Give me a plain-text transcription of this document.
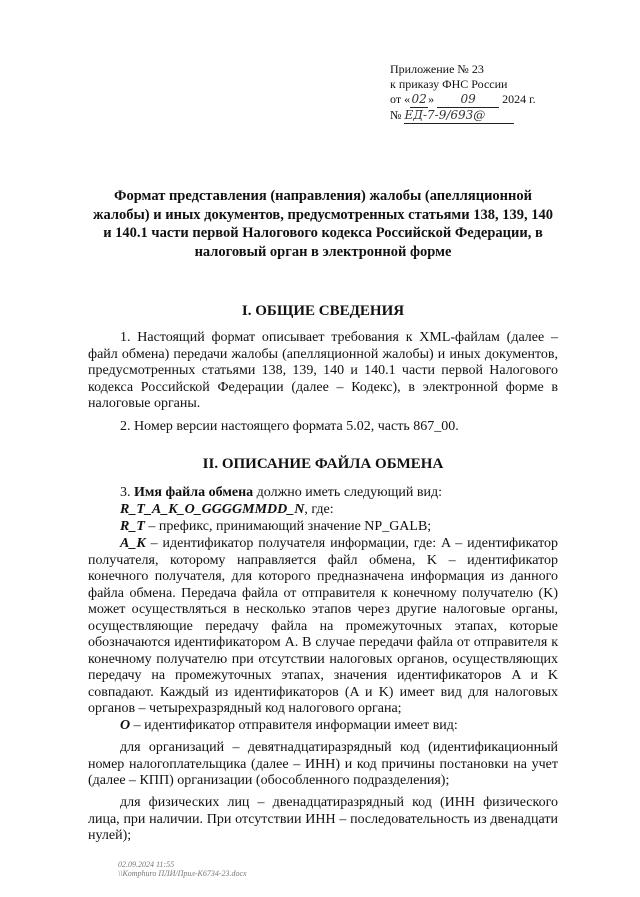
Приложение № 23
к приказу ФНС России
от «02» 09 2024 г.
№ ЕД-7-9/693@
Формат представления (направления) жалобы (апелляционной жалобы) и иных документов, предусмотренных статьями 138, 139, 140 и 140.1 части первой Налогового кодекса Российской Федерации, в налоговый орган в электронной форме
I. ОБЩИЕ СВЕДЕНИЯ
1. Настоящий формат описывает требования к XML-файлам (далее – файл обмена) передачи жалобы (апелляционной жалобы) и иных документов, предусмотренных статьями 138, 139, 140 и 140.1 части первой Налогового кодекса Российской Федерации (далее – Кодекс), в электронной форме в налоговые органы.
2. Номер версии настоящего формата 5.02, часть 867_00.
II. ОПИСАНИЕ ФАЙЛА ОБМЕНА
3. Имя файла обмена должно иметь следующий вид:
R_T_A_K_O_GGGGMMDD_N, где:
R_T – префикс, принимающий значение NP_GALB;
A_K – идентификатор получателя информации, где: A – идентификатор получателя, которому направляется файл обмена, K – идентификатор конечного получателя, для которого предназначена информация из данного файла обмена. Передача файла от отправителя к конечному получателю (K) может осуществляться в несколько этапов через другие налоговые органы, осуществляющие передачу файла на промежуточных этапах, которые обозначаются идентификатором A. В случае передачи файла от отправителя к конечному получателю при отсутствии налоговых органов, осуществляющих передачу на промежуточных этапах, значения идентификаторов A и K совпадают. Каждый из идентификаторов (A и K) имеет вид для налоговых органов – четырехразрядный код налогового органа;
O – идентификатор отправителя информации имеет вид:
для организаций – девятнадцатиразрядный код (идентификационный номер налогоплательщика (далее – ИНН) и код причины постановки на учет (далее – КПП) организации (обособленного подразделения);
для физических лиц – двенадцатиразрядный код (ИНН физического лица, при наличии. При отсутствии ИНН – последовательность из двенадцати нулей);
02.09.2024 11:55
\\Komphuro ПЛИ/Прил-К6734-23.docx
